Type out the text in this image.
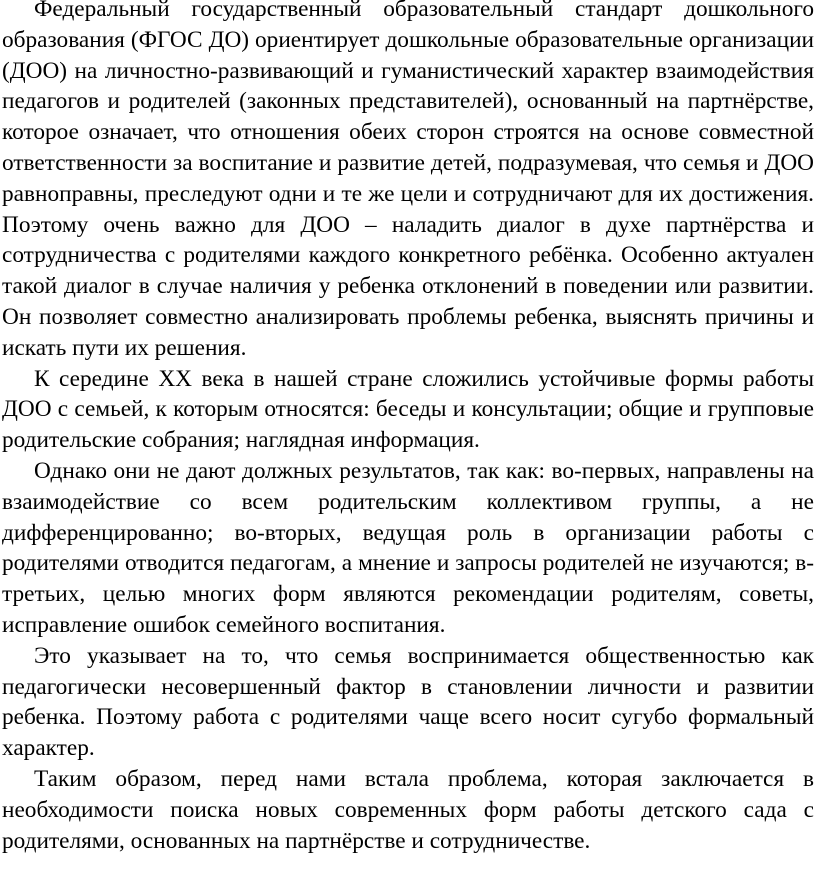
Федеральный государственный образовательный стандарт дошкольного образования (ФГОС ДО) ориентирует дошкольные образовательные организации (ДОО) на личностно-развивающий и гуманистический характер взаимодействия педагогов и родителей (законных представителей), основанный на партнёрстве, которое означает, что отношения обеих сторон строятся на основе совместной ответственности за воспитание и развитие детей, подразумевая, что семья и ДОО равноправны, преследуют одни и те же цели и сотрудничают для их достижения. Поэтому очень важно для ДОО – наладить диалог в духе партнёрства и сотрудничества с родителями каждого конкретного ребёнка. Особенно актуален такой диалог в случае наличия у ребенка отклонений в поведении или развитии. Он позволяет совместно анализировать проблемы ребенка, выяснять причины и искать пути их решения.

К середине XX века в нашей стране сложились устойчивые формы работы ДОО с семьей, к которым относятся: беседы и консультации; общие и групповые родительские собрания; наглядная информация.

Однако они не дают должных результатов, так как: во-первых, направлены на взаимодействие со всем родительским коллективом группы, а не дифференцированно; во-вторых, ведущая роль в организации работы с родителями отводится педагогам, а мнение и запросы родителей не изучаются; в-третьих, целью многих форм являются рекомендации родителям, советы, исправление ошибок семейного воспитания.

Это указывает на то, что семья воспринимается общественностью как педагогически несовершенный фактор в становлении личности и развитии ребенка. Поэтому работа с родителями чаще всего носит сугубо формальный характер.

Таким образом, перед нами встала проблема, которая заключается в необходимости поиска новых современных форм работы детского сада с родителями, основанных на партнёрстве и сотрудничестве.
